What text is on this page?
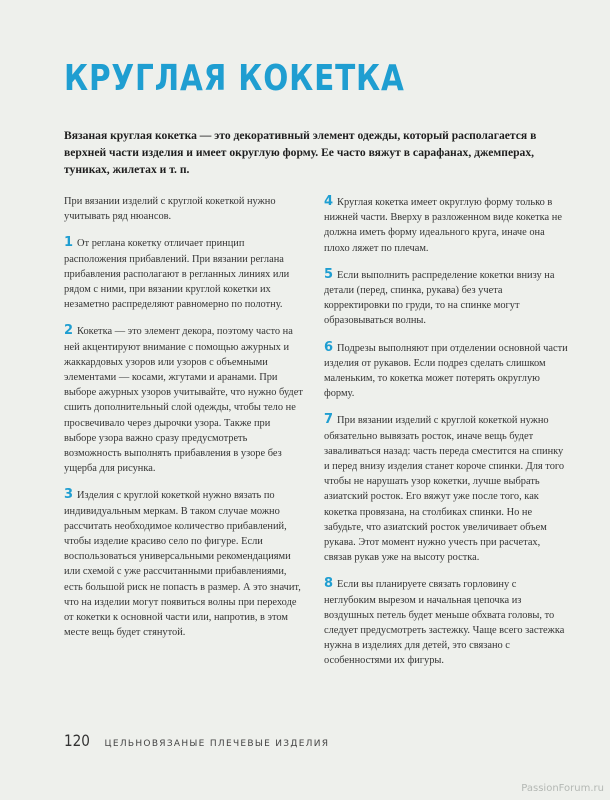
КРУГЛАЯ КОКЕТКА

Вязаная круглая кокетка — это декоративный элемент одежды, который располагается в верхней части изделия и имеет округлую форму. Ее часто вяжут в сарафанах, джемперах, туниках, жилетах и т. п.

При вязании изделий с круглой кокеткой нужно учитывать ряд нюансов.

1 От реглана кокетку отличает принцип расположения прибавлений. При вязании реглана прибавления располагают в регланных линиях или рядом с ними, при вязании круглой кокетки их незаметно распределяют равномерно по полотну.

2 Кокетка — это элемент декора, поэтому часто на ней акцентируют внимание с помощью ажурных и жаккардовых узоров или узоров с объемными элементами — косами, жгутами и аранами. При выборе ажурных узоров учитывайте, что нужно будет сшить дополнительный слой одежды, чтобы тело не просвечивало через дырочки узора. Также при выборе узора важно сразу предусмотреть возможность выполнять прибавления в узоре без ущерба для рисунка.

3 Изделия с круглой кокеткой нужно вязать по индивидуальным меркам. В таком случае можно рассчитать необходимое количество прибавлений, чтобы изделие красиво село по фигуре. Если воспользоваться универсальными рекомендациями или схемой с уже рассчитанными прибавлениями, есть большой риск не попасть в размер. А это значит, что на изделии могут появиться волны при переходе от кокетки к основной части или, напротив, в этом месте вещь будет стянутой.

4 Круглая кокетка имеет округлую форму только в нижней части. Вверху в разложенном виде кокетка не должна иметь форму идеального круга, иначе она плохо ляжет по плечам.

5 Если выполнить распределение кокетки внизу на детали (перед, спинка, рукава) без учета корректировки по груди, то на спинке могут образовываться волны.

6 Подрезы выполняют при отделении основной части изделия от рукавов. Если подрез сделать слишком маленьким, то кокетка может потерять округлую форму.

7 При вязании изделий с круглой кокеткой нужно обязательно вывязать росток, иначе вещь будет заваливаться назад: часть переда сместится на спинку и перед внизу изделия станет короче спинки. Для того чтобы не нарушать узор кокетки, лучше выбрать азиатский росток. Его вяжут уже после того, как кокетка провязана, на столбиках спинки. Но не забудьте, что азиатский росток увеличивает объем рукава. Этот момент нужно учесть при расчетах, связав рукав уже на высоту ростка.

8 Если вы планируете связать горловину с неглубоким вырезом и начальная цепочка из воздушных петель будет меньше обхвата головы, то следует предусмотреть застежку. Чаще всего застежка нужна в изделиях для детей, это связано с особенностями их фигуры.

120 ЦЕЛЬНОВЯЗАНЫЕ ПЛЕЧЕВЫЕ ИЗДЕЛИЯ
PassionForum.ru
